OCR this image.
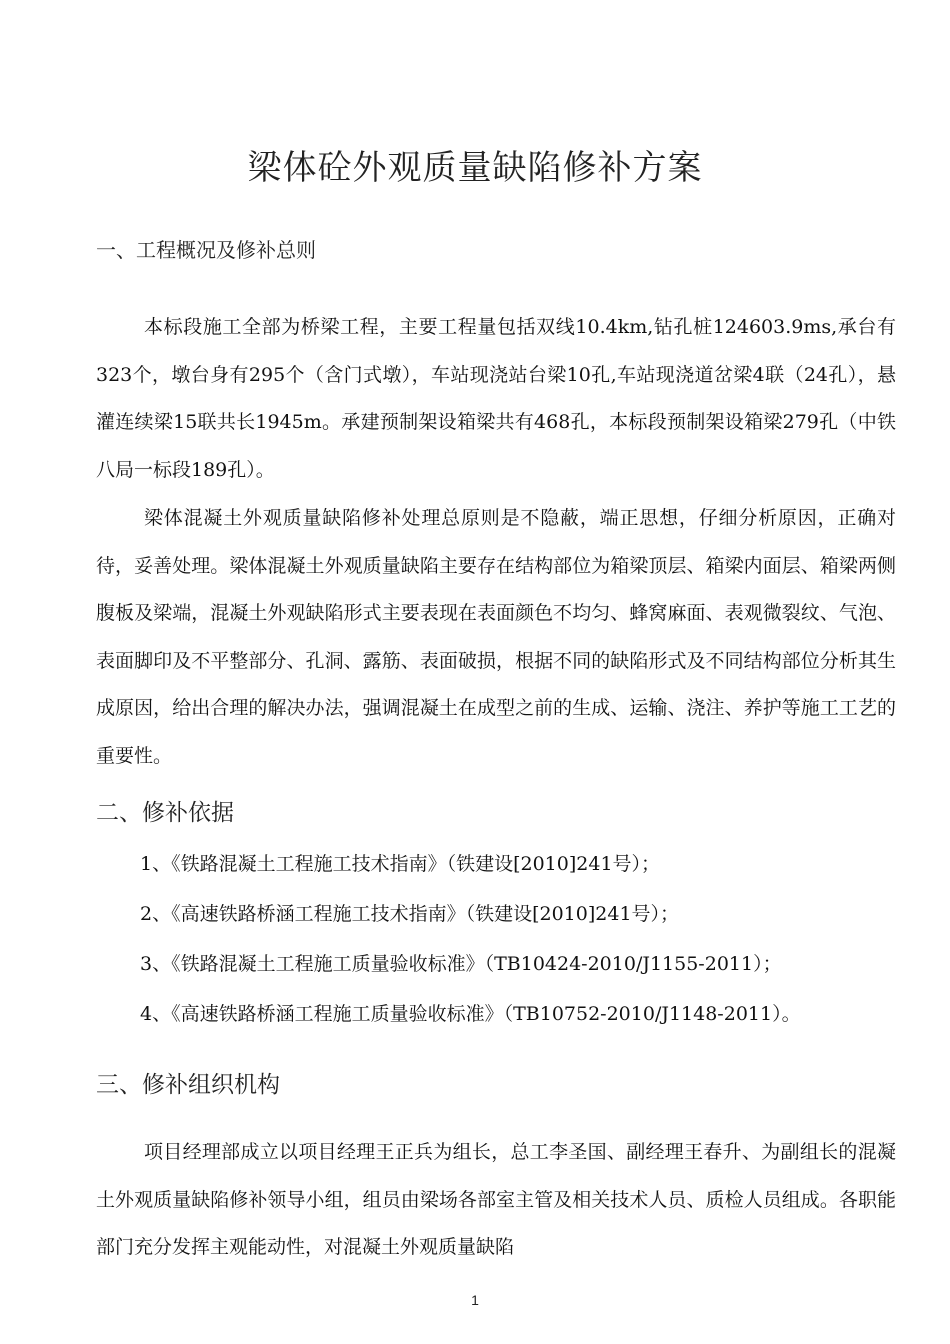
梁体砼外观质量缺陷修补方案
一、工程概况及修补总则

本标段施工全部为桥梁工程，主要工程量包括双线10.4km,钻孔桩124603.9ms,承台有323个，墩台身有295个（含门式墩），车站现浇站台梁10孔,车站现浇道岔梁4联（24孔），悬灌连续梁15联共长1945m。承建预制架设箱梁共有468孔，本标段预制架设箱梁279孔（中铁八局一标段189孔）。

梁体混凝土外观质量缺陷修补处理总原则是不隐蔽，端正思想，仔细分析原因，正确对待，妥善处理。梁体混凝土外观质量缺陷主要存在结构部位为箱梁顶层、箱梁内面层、箱梁两侧腹板及梁端，混凝土外观缺陷形式主要表现在表面颜色不均匀、蜂窝麻面、表观微裂纹、气泡、表面脚印及不平整部分、孔洞、露筋、表面破损，根据不同的缺陷形式及不同结构部位分析其生成原因，给出合理的解决办法，强调混凝土在成型之前的生成、运输、浇注、养护等施工工艺的重要性。

二、修补依据
1、《铁路混凝土工程施工技术指南》（铁建设[2010]241号）；
2、《高速铁路桥涵工程施工技术指南》（铁建设[2010]241号）；
3、《铁路混凝土工程施工质量验收标准》（TB10424-2010/J1155-2011）；
4、《高速铁路桥涵工程施工质量验收标准》（TB10752-2010/J1148-2011）。
三、修补组织机构

项目经理部成立以项目经理王正兵为组长，总工李圣国、副经理王春升、为副组长的混凝土外观质量缺陷修补领导小组，组员由梁场各部室主管及相关技术人员、质检人员组成。各职能部门充分发挥主观能动性，对混凝土外观质量缺陷

1
